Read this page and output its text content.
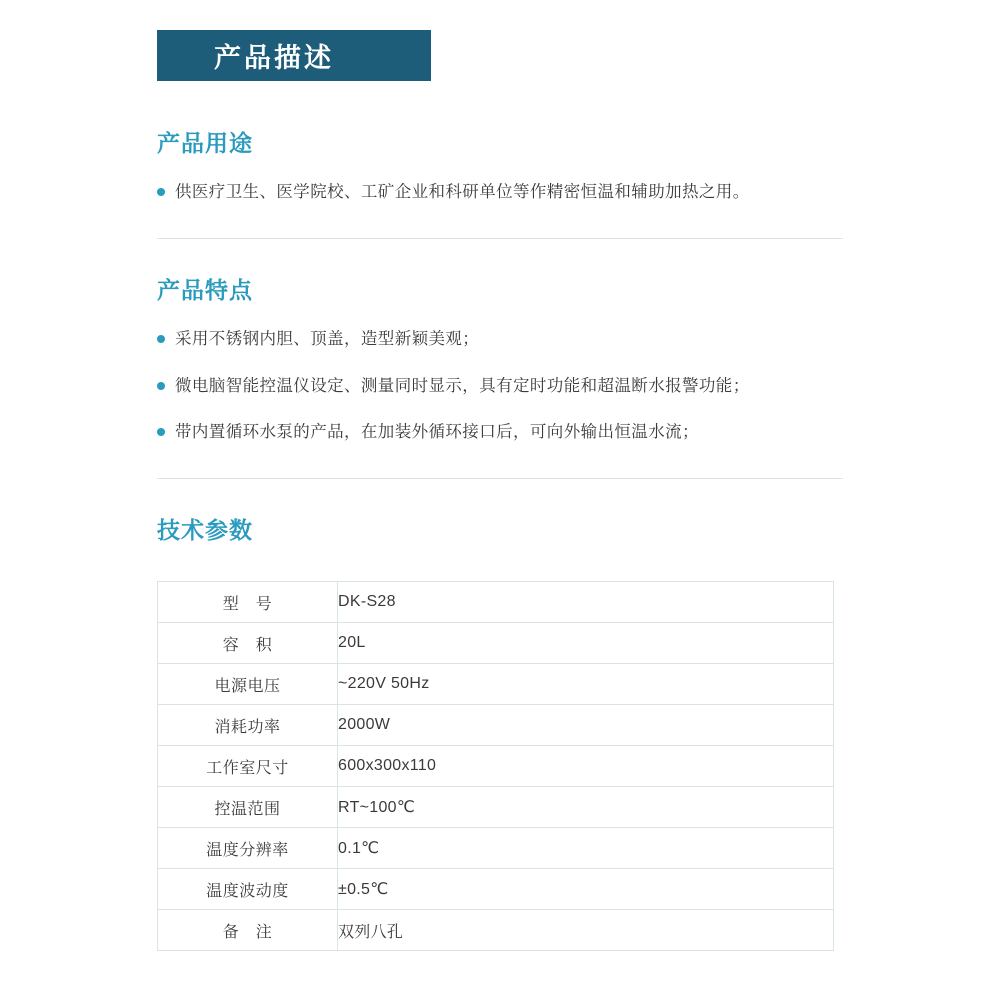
产品描述
产品用途
供医疗卫生、医学院校、工矿企业和科研单位等作精密恒温和辅助加热之用。
产品特点
采用不锈钢内胆、顶盖，造型新颖美观；
微电脑智能控温仪设定、测量同时显示，具有定时功能和超温断水报警功能；
带内置循环水泵的产品，在加装外循环接口后，可向外输出恒温水流；
技术参数
型　号	DK-S28
容　积	20L
电源电压	~220V 50Hz
消耗功率	2000W
工作室尺寸	600x300x110
控温范围	RT~100℃
温度分辨率	0.1℃
温度波动度	±0.5℃
备　注	双列八孔
